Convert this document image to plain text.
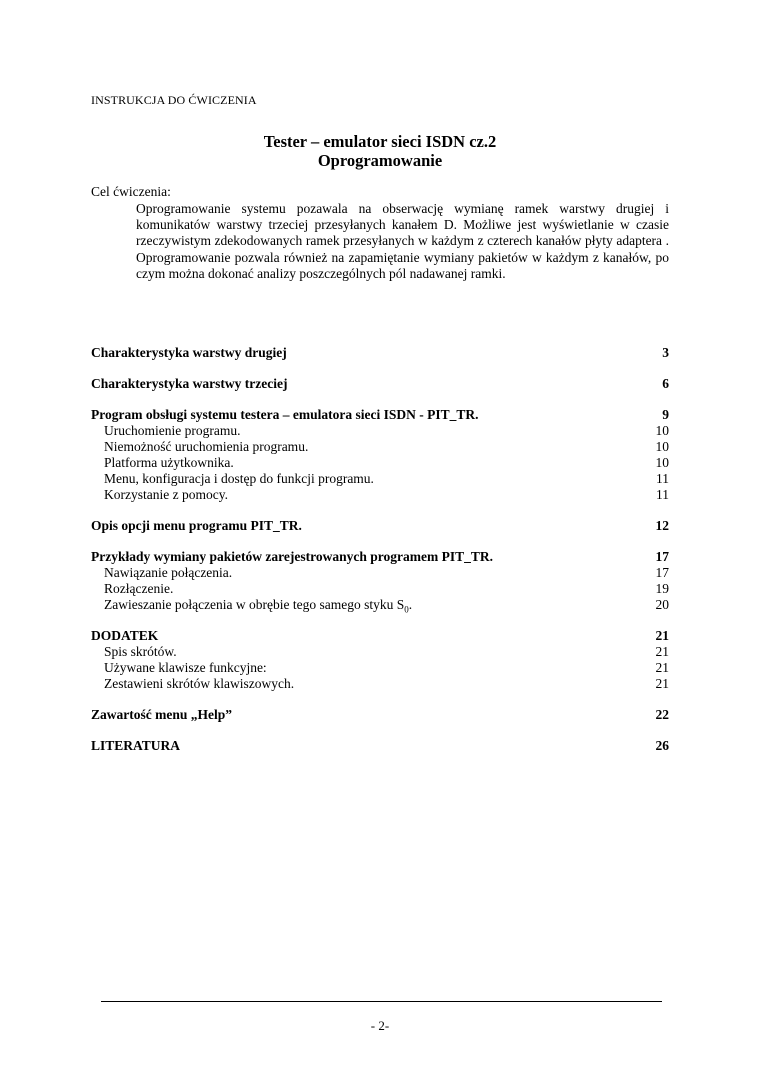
INSTRUKCJA DO ĆWICZENIA
Tester – emulator sieci ISDN cz.2
Oprogramowanie
Cel ćwiczenia:
Oprogramowanie systemu pozawala na obserwację wymianę ramek warstwy drugiej i komunikatów warstwy trzeciej przesyłanych kanałem D. Możliwe jest wyświetlanie w czasie rzeczywistym zdekodowanych ramek przesyłanych w każdym z czterech kanałów płyty adaptera . Oprogramowanie pozwala również na zapamiętanie wymiany pakietów w każdym z kanałów, po czym można dokonać analizy poszczególnych pól nadawanej ramki.
Charakterystyka warstwy drugiej	3
Charakterystyka warstwy trzeciej	6
Program obsługi systemu testera – emulatora sieci ISDN - PIT_TR.	9
Uruchomienie programu.	10
Niemożność uruchomienia programu.	10
Platforma użytkownika.	10
Menu, konfiguracja i dostęp do funkcji programu.	11
Korzystanie z pomocy.	11
Opis opcji menu programu PIT_TR.	12
Przykłady wymiany pakietów zarejestrowanych programem PIT_TR.	17
Nawiązanie połączenia.	17
Rozłączenie.	19
Zawieszanie połączenia w obrębie tego samego styku $S_0$.	20
DODATEK	21
Spis skrótów.	21
Używane klawisze funkcyjne:	21
Zestawieni skrótów klawiszowych.	21
Zawartość menu „Help”	22
LITERATURA	26
- 2-
